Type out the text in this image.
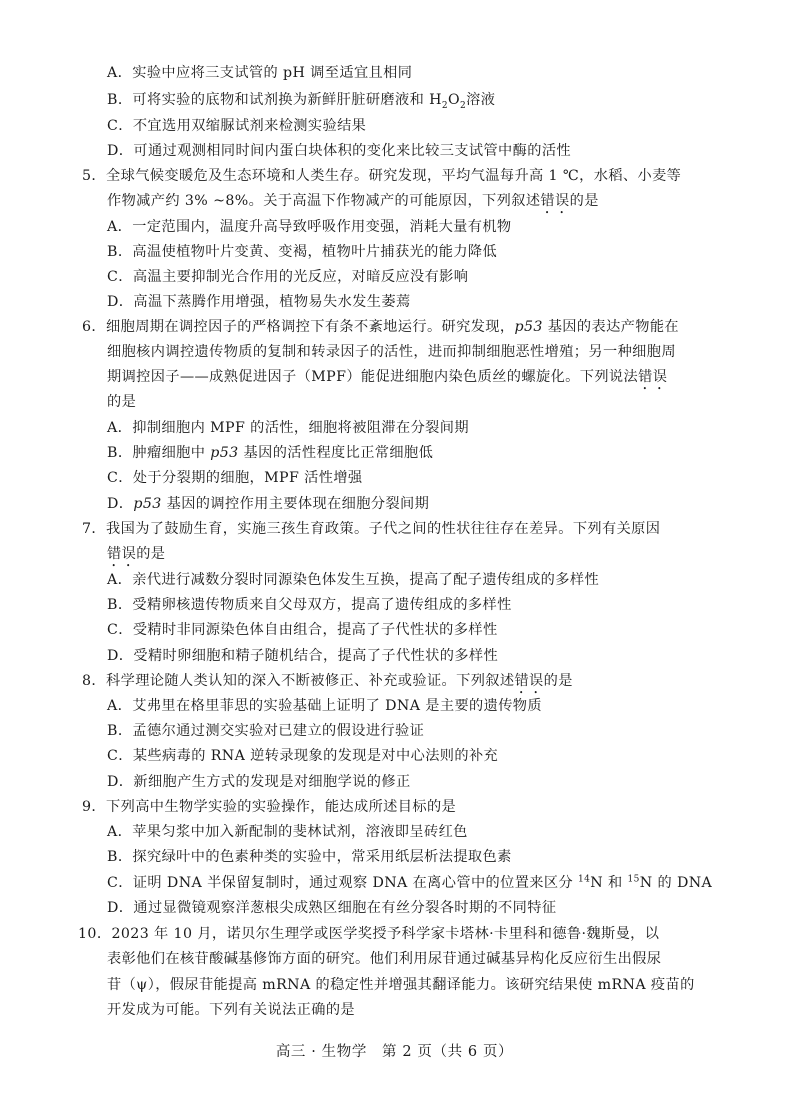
A．实验中应将三支试管的 pH 调至适宜且相同
B．可将实验的底物和试剂换为新鲜肝脏研磨液和 $H_2O_2$溶液
C．不宜选用双缩脲试剂来检测实验结果
D．可通过观测相同时间内蛋白块体积的变化来比较三支试管中酶的活性
5．全球气候变暖危及生态环境和人类生存。研究发现，平均气温每升高 1 ℃，水稻、小麦等
作物减产约 3% ~8%。关于高温下作物减产的可能原因，下列叙述错误的是
A．一定范围内，温度升高导致呼吸作用变强，消耗大量有机物
B．高温使植物叶片变黄、变褐，植物叶片捕获光的能力降低
C．高温主要抑制光合作用的光反应，对暗反应没有影响
D．高温下蒸腾作用增强，植物易失水发生萎蔫
6．细胞周期在调控因子的严格调控下有条不紊地运行。研究发现，p53 基因的表达产物能在
细胞核内调控遗传物质的复制和转录因子的活性，进而抑制细胞恶性增殖；另一种细胞周
期调控因子——成熟促进因子（MPF）能促进细胞内染色质丝的螺旋化。下列说法错误
的是
A．抑制细胞内 MPF 的活性，细胞将被阻滞在分裂间期
B．肿瘤细胞中 p53 基因的活性程度比正常细胞低
C．处于分裂期的细胞，MPF 活性增强
D．p53 基因的调控作用主要体现在细胞分裂间期
7．我国为了鼓励生育，实施三孩生育政策。子代之间的性状往往存在差异。下列有关原因
错误的是
A．亲代进行减数分裂时同源染色体发生互换，提高了配子遗传组成的多样性
B．受精卵核遗传物质来自父母双方，提高了遗传组成的多样性
C．受精时非同源染色体自由组合，提高了子代性状的多样性
D．受精时卵细胞和精子随机结合，提高了子代性状的多样性
8．科学理论随人类认知的深入不断被修正、补充或验证。下列叙述错误的是
A．艾弗里在格里菲思的实验基础上证明了 DNA 是主要的遗传物质
B．孟德尔通过测交实验对已建立的假设进行验证
C．某些病毒的 RNA 逆转录现象的发现是对中心法则的补充
D．新细胞产生方式的发现是对细胞学说的修正
9．下列高中生物学实验的实验操作，能达成所述目标的是
A．苹果匀浆中加入新配制的斐林试剂，溶液即呈砖红色
B．探究绿叶中的色素种类的实验中，常采用纸层析法提取色素
C．证明 DNA 半保留复制时，通过观察 DNA 在离心管中的位置来区分 $^{14}$N 和 $^{15}$N 的 DNA
D．通过显微镜观察洋葱根尖成熟区细胞在有丝分裂各时期的不同特征
10．2023 年 10 月，诺贝尔生理学或医学奖授予科学家卡塔林·卡里科和德鲁·魏斯曼，以
表彰他们在核苷酸碱基修饰方面的研究。他们利用尿苷通过碱基异构化反应衍生出假尿
苷（ψ），假尿苷能提高 mRNA 的稳定性并增强其翻译能力。该研究结果使 mRNA 疫苗的
开发成为可能。下列有关说法正确的是
高三 · 生物学　第 2 页（共 6 页）
